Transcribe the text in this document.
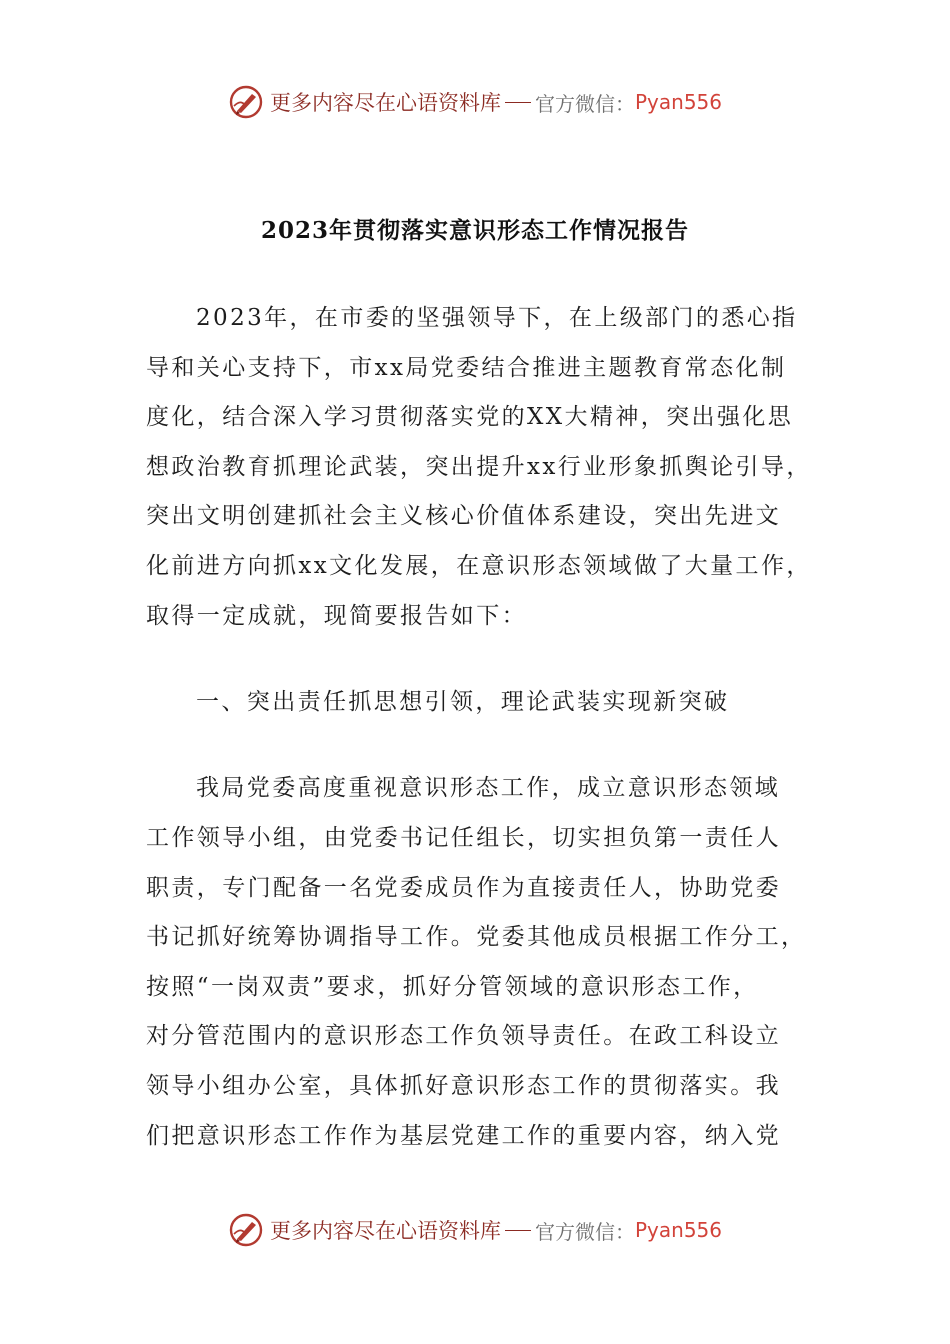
更多内容尽在心语资料库 官方微信： Pyan556
2023年贯彻落实意识形态工作情况报告
2023年，在市委的坚强领导下，在上级部门的悉心指
导和关心支持下，市xx局党委结合推进主题教育常态化制
度化，结合深入学习贯彻落实党的XX大精神，突出强化思
想政治教育抓理论武装，突出提升xx行业形象抓舆论引导，
突出文明创建抓社会主义核心价值体系建设，突出先进文
化前进方向抓xx文化发展，在意识形态领域做了大量工作，
取得一定成就，现简要报告如下：
一、突出责任抓思想引领，理论武装实现新突破
我局党委高度重视意识形态工作，成立意识形态领域
工作领导小组，由党委书记任组长，切实担负第一责任人
职责，专门配备一名党委成员作为直接责任人，协助党委
书记抓好统筹协调指导工作。党委其他成员根据工作分工，
按照“一岗双责”要求，抓好分管领域的意识形态工作，
对分管范围内的意识形态工作负领导责任。在政工科设立
领导小组办公室，具体抓好意识形态工作的贯彻落实。我
们把意识形态工作作为基层党建工作的重要内容，纳入党
更多内容尽在心语资料库 官方微信： Pyan556
